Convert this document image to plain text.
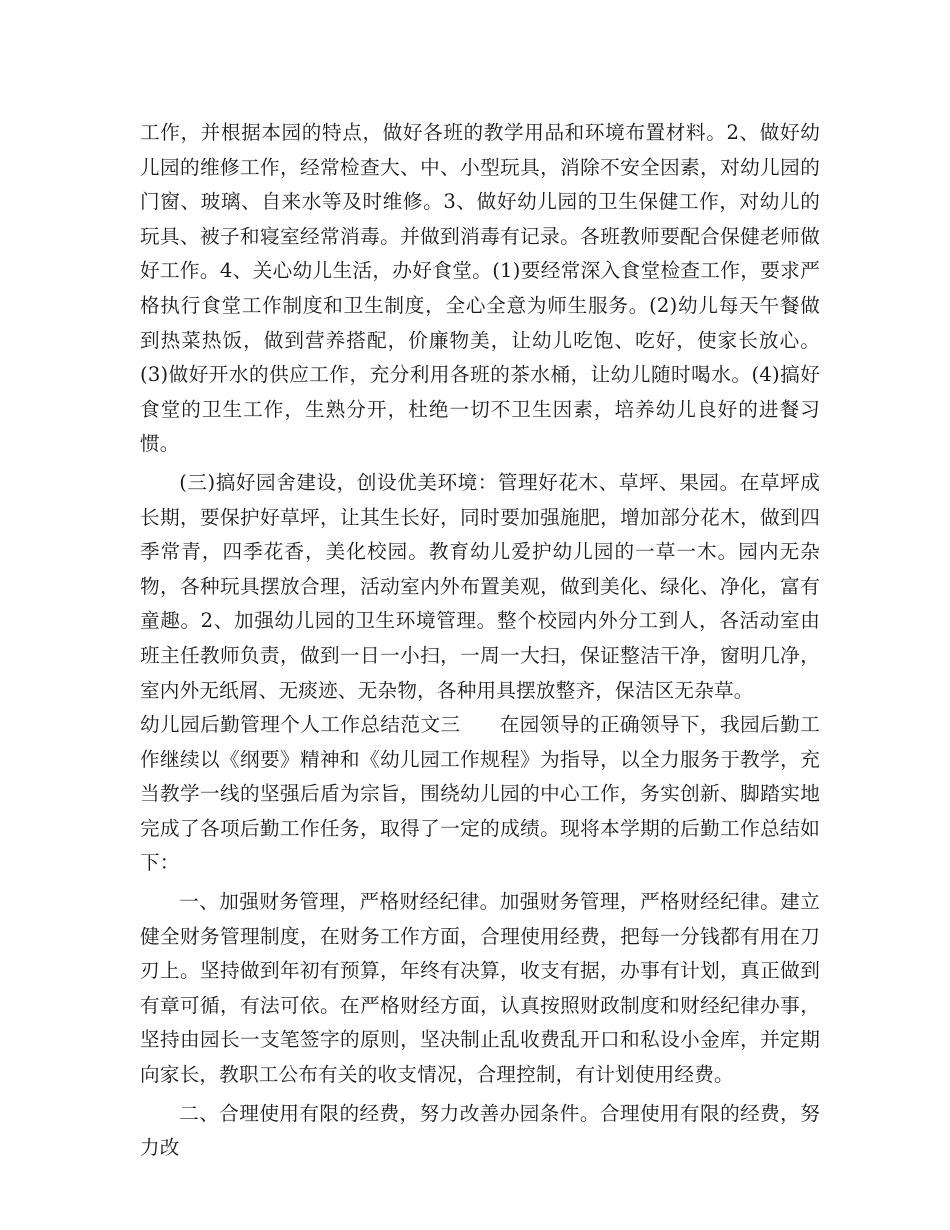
工作，并根据本园的特点，做好各班的教学用品和环境布置材料。2、做好幼儿园的维修工作，经常检查大、中、小型玩具，消除不安全因素，对幼儿园的门窗、玻璃、自来水等及时维修。3、做好幼儿园的卫生保健工作，对幼儿的玩具、被子和寝室经常消毒。并做到消毒有记录。各班教师要配合保健老师做好工作。4、关心幼儿生活，办好食堂。(1)要经常深入食堂检查工作，要求严格执行食堂工作制度和卫生制度，全心全意为师生服务。(2)幼儿每天午餐做到热菜热饭，做到营养搭配，价廉物美，让幼儿吃饱、吃好，使家长放心。(3)做好开水的供应工作，充分利用各班的茶水桶，让幼儿随时喝水。(4)搞好食堂的卫生工作，生熟分开，杜绝一切不卫生因素，培养幼儿良好的进餐习惯。

(三)搞好园舍建设，创设优美环境：管理好花木、草坪、果园。在草坪成长期，要保护好草坪，让其生长好，同时要加强施肥，增加部分花木，做到四季常青，四季花香，美化校园。教育幼儿爱护幼儿园的一草一木。园内无杂物，各种玩具摆放合理，活动室内外布置美观，做到美化、绿化、净化，富有童趣。2、加强幼儿园的卫生环境管理。整个校园内外分工到人，各活动室由班主任教师负责，做到一日一小扫，一周一大扫，保证整洁干净，窗明几净，室内外无纸屑、无痰迹、无杂物，各种用具摆放整齐，保洁区无杂草。

幼儿园后勤管理个人工作总结范文三 在园领导的正确领导下，我园后勤工作继续以《纲要》精神和《幼儿园工作规程》为指导，以全力服务于教学，充当教学一线的坚强后盾为宗旨，围绕幼儿园的中心工作，务实创新、脚踏实地完成了各项后勤工作任务，取得了一定的成绩。现将本学期的后勤工作总结如下：

一、加强财务管理，严格财经纪律。加强财务管理，严格财经纪律。建立健全财务管理制度，在财务工作方面，合理使用经费，把每一分钱都有用在刀刃上。坚持做到年初有预算，年终有决算，收支有据，办事有计划，真正做到有章可循，有法可依。在严格财经方面，认真按照财政制度和财经纪律办事，坚持由园长一支笔签字的原则，坚决制止乱收费乱开口和私设小金库，并定期向家长，教职工公布有关的收支情况，合理控制，有计划使用经费。

二、合理使用有限的经费，努力改善办园条件。合理使用有限的经费，努力改
